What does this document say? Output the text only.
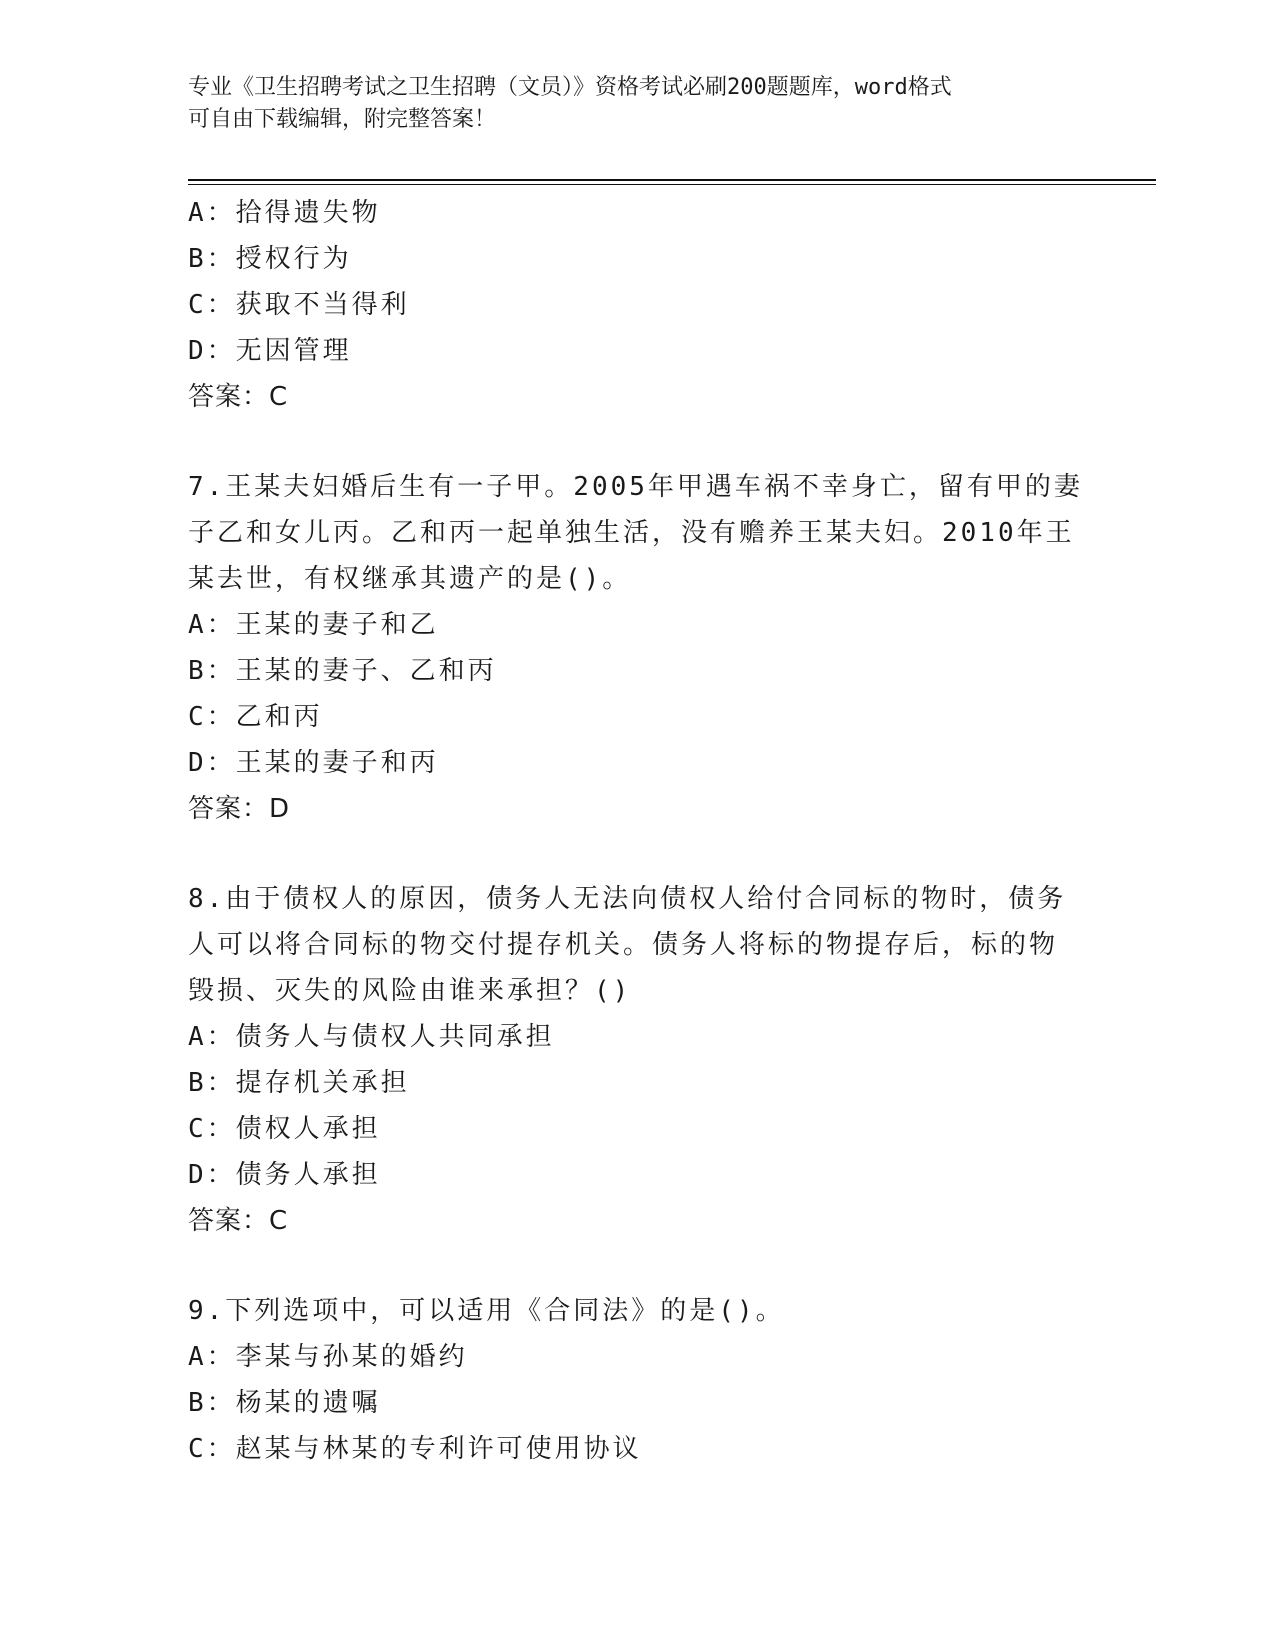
专业《卫生招聘考试之卫生招聘（文员）》资格考试必刷200题题库，word格式
可自由下载编辑，附完整答案！
A：拾得遗失物
B：授权行为
C：获取不当得利
D：无因管理
答案：C
7.王某夫妇婚后生有一子甲。2005年甲遇车祸不幸身亡，留有甲的妻
子乙和女儿丙。乙和丙一起单独生活，没有赡养王某夫妇。2010年王
某去世，有权继承其遗产的是()。
A：王某的妻子和乙
B：王某的妻子、乙和丙
C：乙和丙
D：王某的妻子和丙
答案：D
8.由于债权人的原因，债务人无法向债权人给付合同标的物时，债务
人可以将合同标的物交付提存机关。债务人将标的物提存后，标的物
毁损、灭失的风险由谁来承担？()
A：债务人与债权人共同承担
B：提存机关承担
C：债权人承担
D：债务人承担
答案：C
9.下列选项中，可以适用《合同法》的是()。
A：李某与孙某的婚约
B：杨某的遗嘱
C：赵某与林某的专利许可使用协议
